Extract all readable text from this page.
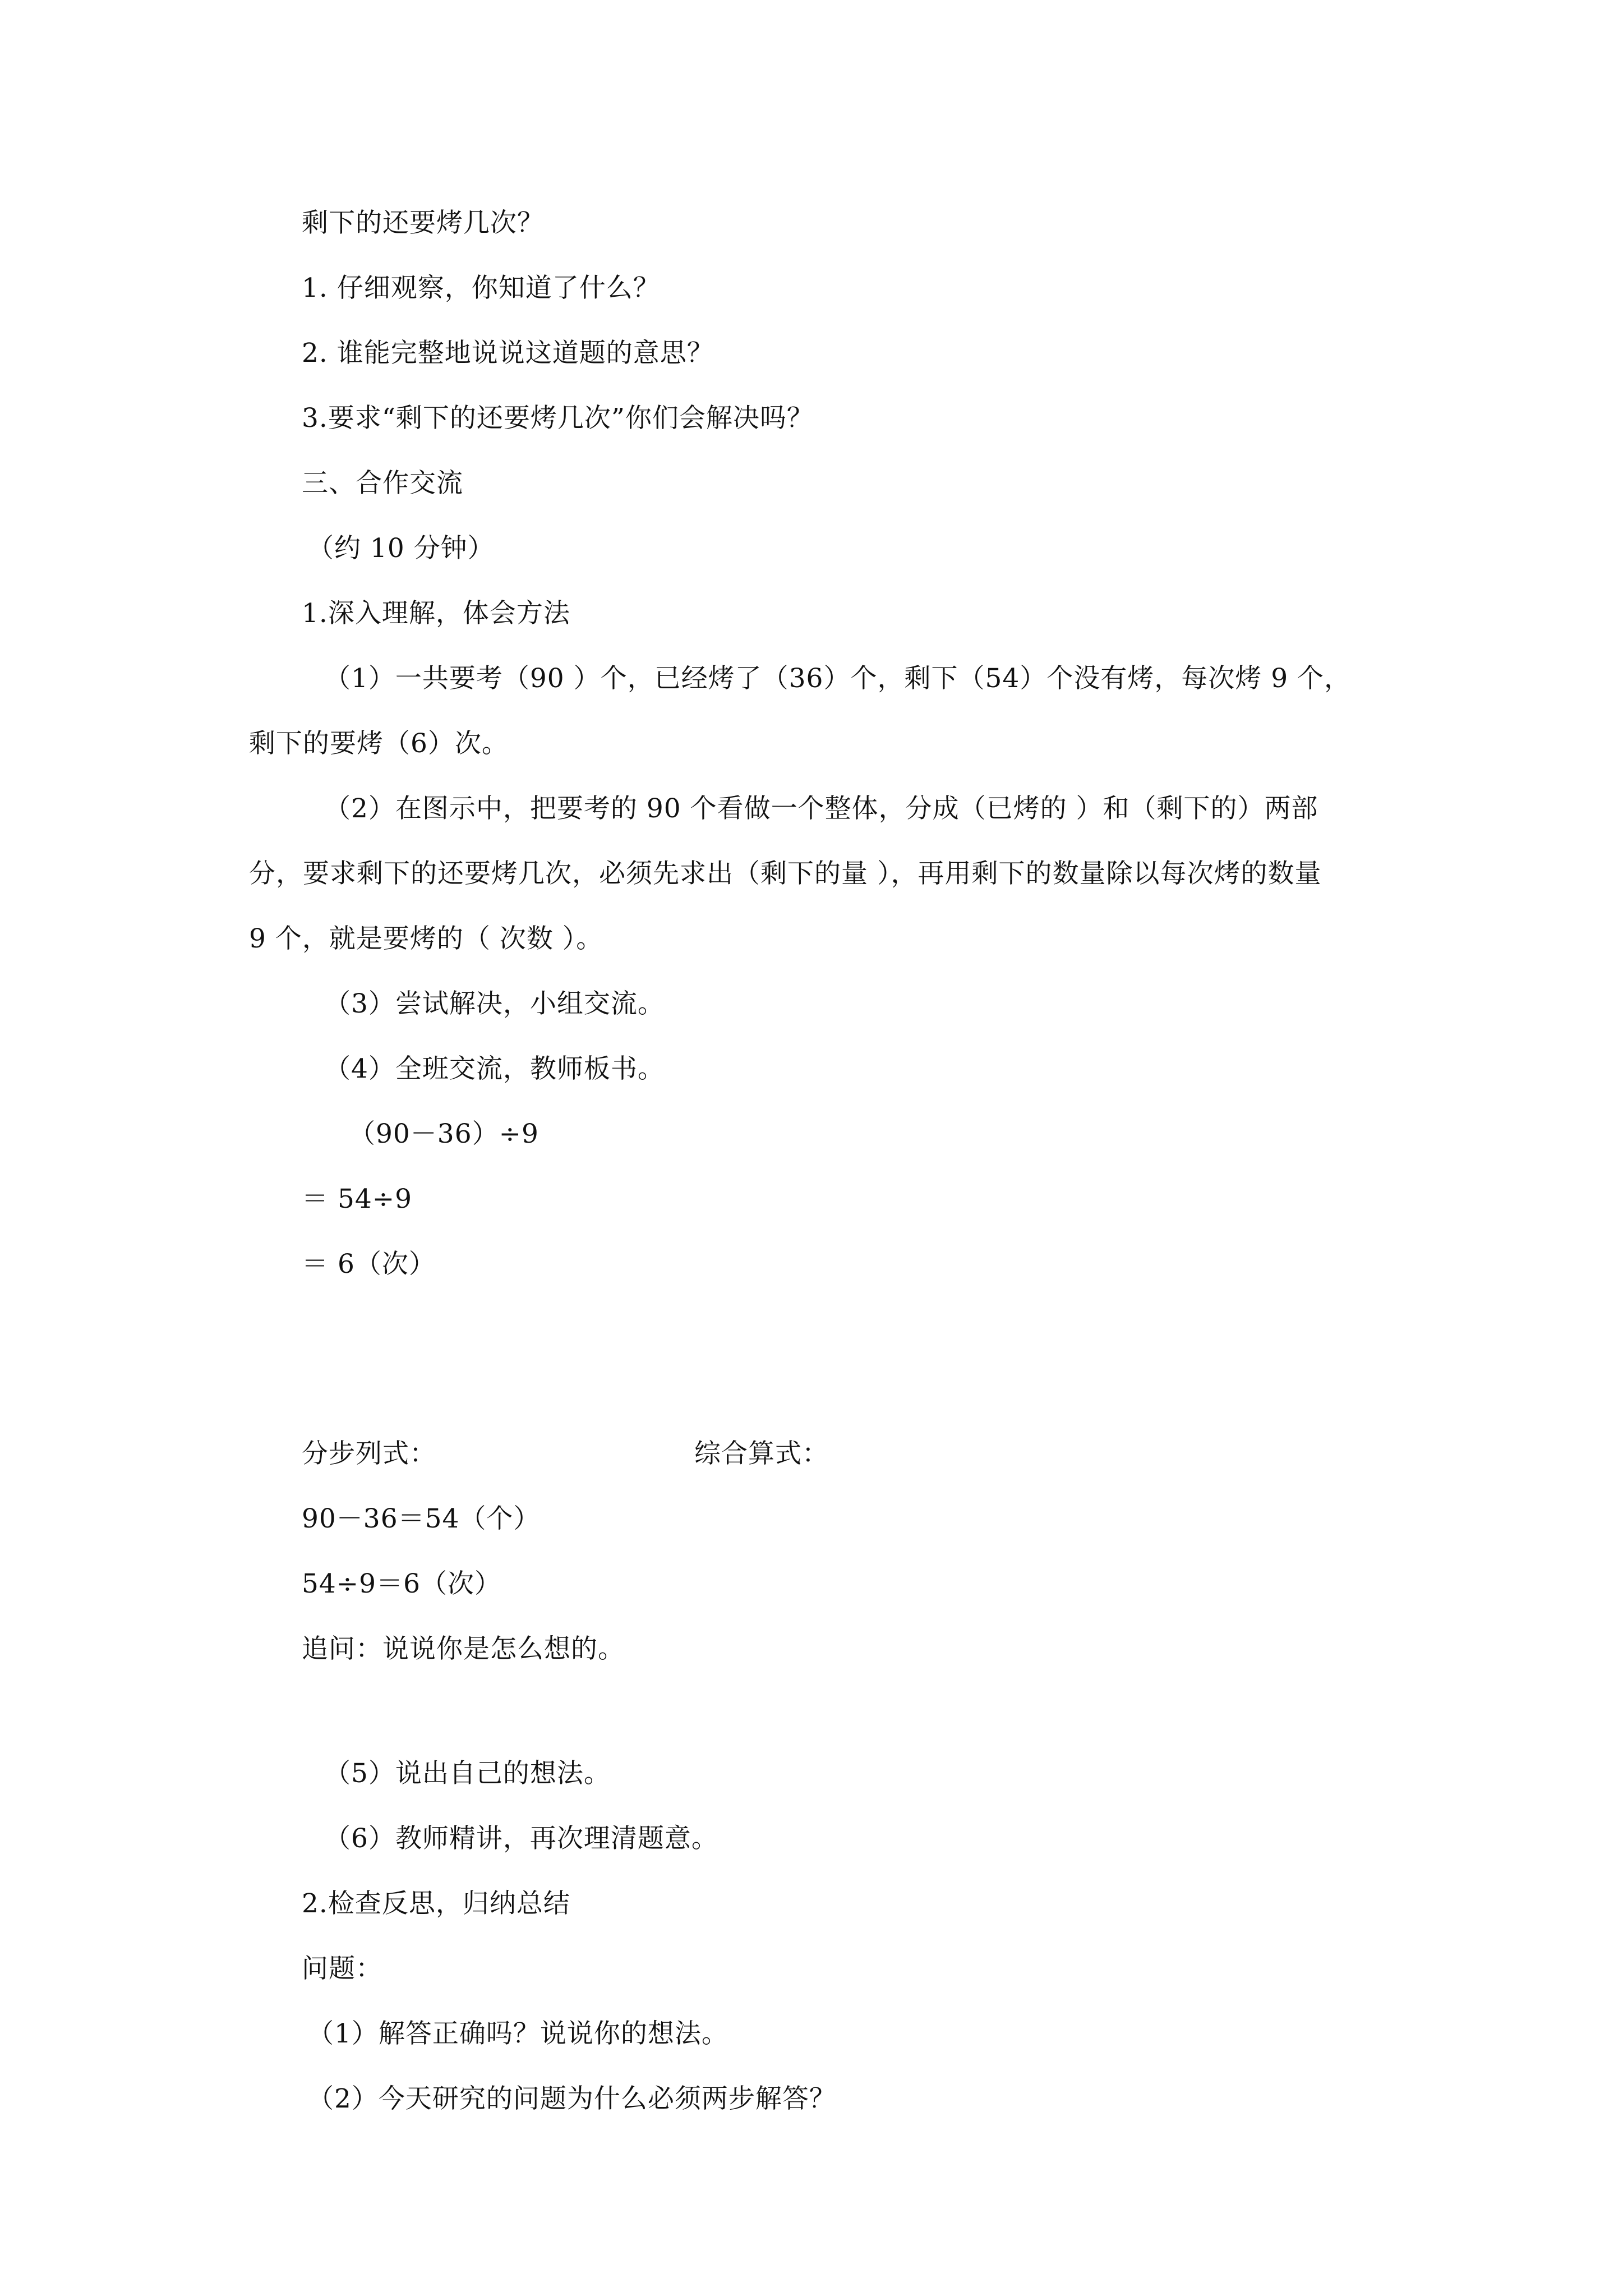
剩下的还要烤几次？
1. 仔细观察，你知道了什么？
2. 谁能完整地说说这道题的意思？
3.要求“剩下的还要烤几次”你们会解决吗？
三、合作交流
（约 10 分钟）
1.深入理解，体会方法
（1）一共要考（90 ）个，已经烤了（36）个，剩下（54）个没有烤，每次烤 9 个，
剩下的要烤（6）次。
（2）在图示中，把要考的 90 个看做一个整体，分成（已烤的 ）和（剩下的）两部
分，要求剩下的还要烤几次，必须先求出（剩下的量 ），再用剩下的数量除以每次烤的数量
9 个，就是要烤的（ 次数 ）。
（3）尝试解决，小组交流。
（4）全班交流，教师板书。
（90－36）÷9
＝ 54÷9
＝ 6（次）
分步列式：	综合算式：
90－36＝54（个）
54÷9＝6（次）
追问：说说你是怎么想的。
（5）说出自己的想法。
（6）教师精讲，再次理清题意。
2.检查反思，归纳总结
问题：
（1）解答正确吗？说说你的想法。
（2）今天研究的问题为什么必须两步解答？
